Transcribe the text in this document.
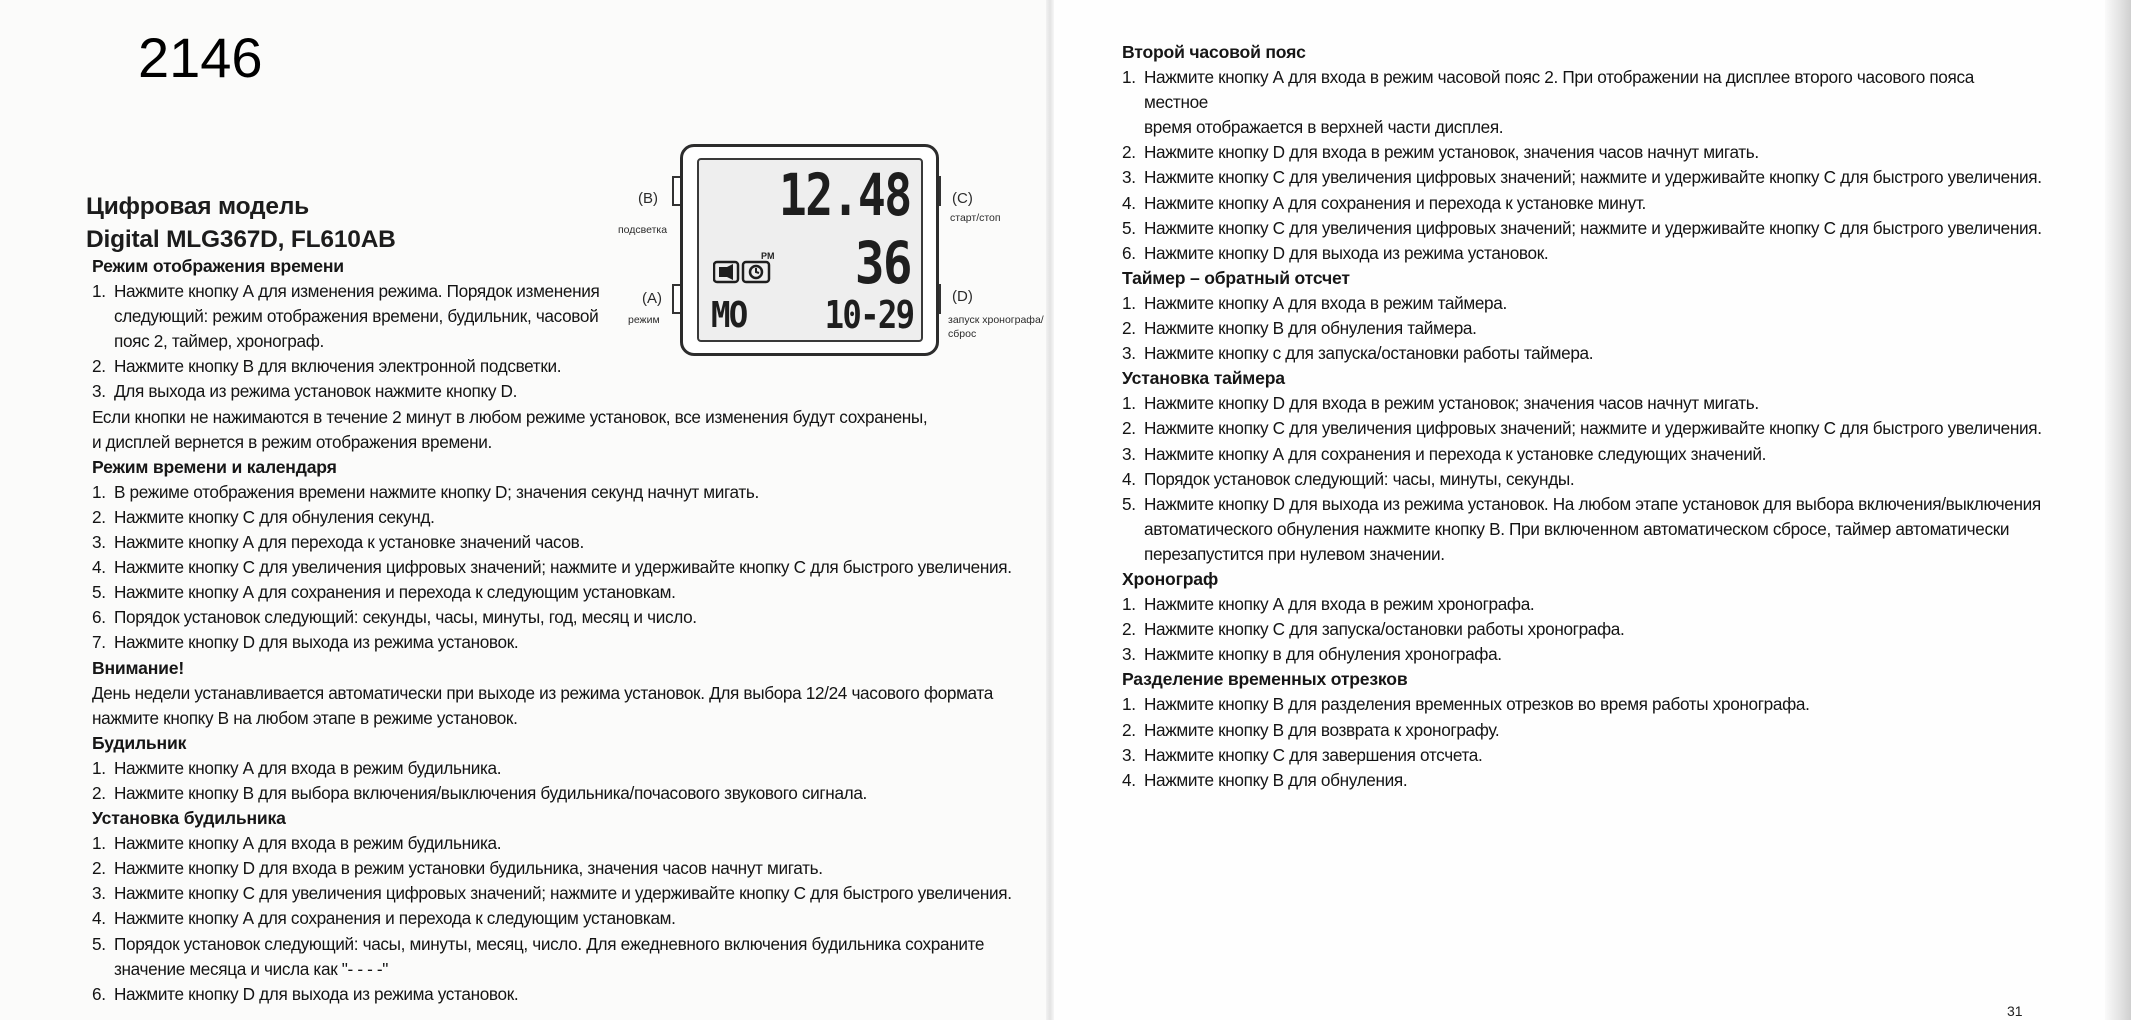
2146
Цифровая модель
Digital MLG367D, FL610AB
(B)
подсветка
(A)
режим
(C)
старт/стоп
(D)
запуск хронографа/
сброс
12.48
PM 36
MO 10-29
Режим отображения времени
1. Нажмите кнопку А для изменения режима. Порядок изменения
следующий: режим отображения времени, будильник, часовой
пояс 2, таймер, хронограф.
2. Нажмите кнопку В для включения электронной подсветки.
3. Для выхода из режима установок нажмите кнопку D.
Если кнопки не нажимаются в течение 2 минут в любом режиме установок, все изменения будут сохранены,
и дисплей вернется в режим отображения времени.
Режим времени и календаря
1. В режиме отображения времени нажмите кнопку D; значения секунд начнут мигать.
2. Нажмите кнопку С для обнуления секунд.
3. Нажмите кнопку А для перехода к установке значений часов.
4. Нажмите кнопку С для увеличения цифровых значений; нажмите и удерживайте кнопку С для быстрого увеличения.
5. Нажмите кнопку А для сохранения и перехода к следующим установкам.
6. Порядок установок следующий: секунды, часы, минуты, год, месяц и число.
7. Нажмите кнопку D для выхода из режима установок.
Внимание!
День недели устанавливается автоматически при выходе из режима установок. Для выбора 12/24 часового формата
нажмите кнопку В на любом этапе в режиме установок.
Будильник
1. Нажмите кнопку А для входа в режим будильника.
2. Нажмите кнопку В для выбора включения/выключения будильника/почасового звукового сигнала.
Установка будильника
1. Нажмите кнопку А для входа в режим будильника.
2. Нажмите кнопку D для входа в режим установки будильника, значения часов начнут мигать.
3. Нажмите кнопку С для увеличения цифровых значений; нажмите и удерживайте кнопку С для быстрого увеличения.
4. Нажмите кнопку А для сохранения и перехода к следующим установкам.
5. Порядок установок следующий: часы, минуты, месяц, число. Для ежедневного включения будильника сохраните
значение месяца и числа как "- - - -"
6. Нажмите кнопку D для выхода из режима установок.
Второй часовой пояс
1. Нажмите кнопку А для входа в режим часовой пояс 2. При отображении на дисплее второго часового пояса местное
время отображается в верхней части дисплея.
2. Нажмите кнопку D для входа в режим установок, значения часов начнут мигать.
3. Нажмите кнопку С для увеличения цифровых значений; нажмите и удерживайте кнопку С для быстрого увеличения.
4. Нажмите кнопку А для сохранения и перехода к установке минут.
5. Нажмите кнопку С для увеличения цифровых значений; нажмите и удерживайте кнопку С для быстрого увеличения.
6. Нажмите кнопку D для выхода из режима установок.
Таймер – обратный отсчет
1. Нажмите кнопку А для входа в режим таймера.
2. Нажмите кнопку В для обнуления таймера.
3. Нажмите кнопку с для запуска/остановки работы таймера.
Установка таймера
1. Нажмите кнопку D для входа в режим установок; значения часов начнут мигать.
2. Нажмите кнопку С для увеличения цифровых значений; нажмите и удерживайте кнопку С для быстрого увеличения.
3. Нажмите кнопку А для сохранения и перехода к установке следующих значений.
4. Порядок установок следующий: часы, минуты, секунды.
5. Нажмите кнопку D для выхода из режима установок. На любом этапе установок для выбора включения/выключения
автоматического обнуления нажмите кнопку В. При включенном автоматическом сбросе, таймер автоматически
перезапустится при нулевом значении.
Хронограф
1. Нажмите кнопку А для входа в режим хронографа.
2. Нажмите кнопку С для запуска/остановки работы хронографа.
3. Нажмите кнопку в для обнуления хронографа.
Разделение временных отрезков
1. Нажмите кнопку В для разделения временных отрезков во время работы хронографа.
2. Нажмите кнопку В для возврата к хронографу.
3. Нажмите кнопку С для завершения отсчета.
4. Нажмите кнопку В для обнуления.
31
